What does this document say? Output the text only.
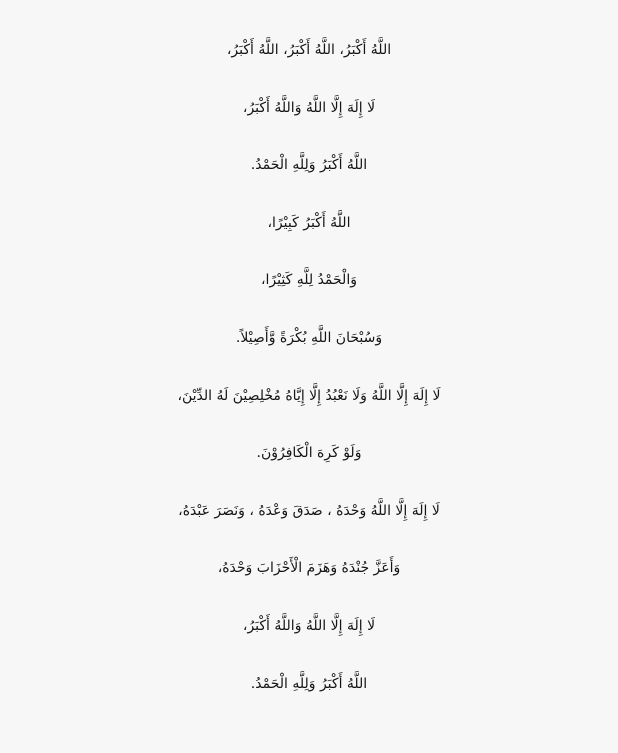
اللَّهُ أَكْبَرُ، اللَّهُ أَكْبَرُ، اللَّهُ أَكْبَرُ،
لَا إِلَهَ إِلَّا اللَّهُ وَاللَّهُ أَكْبَرُ،
اللَّهُ أَكْبَرُ وَلِلَّهِ الْحَمْدُ.
اللَّهُ أَكْبَرُ كَبِيْرًا،
وَالْحَمْدُ لِلَّهِ كَثِيْرًا،
وَسُبْحَانَ اللَّهِ بُكْرَةً وَّأَصِيْلاً.
لَا إِلَهَ إِلَّا اللَّهُ وَلَا نَعْبُدُ إِلَّا إِيَّاهُ مُخْلِصِيْنَ لَهُ الدِّيْنَ،
وَلَوْ كَرِهَ الْكَافِرُوْنَ.
لَا إِلَهَ إِلَّا اللَّهُ وَحْدَهُ ، صَدَقَ وَعْدَهُ ، وَنَصَرَ عَبْدَهُ،
وَأَعَزَّ جُنْدَهُ وَهَزَمَ الْأَحْزَابَ وَحْدَهُ،
لَا إِلَهَ إِلَّا اللَّهُ وَاللَّهُ أَكْبَرُ،
اللَّهُ أَكْبَرُ وَلِلَّهِ الْحَمْدُ.
